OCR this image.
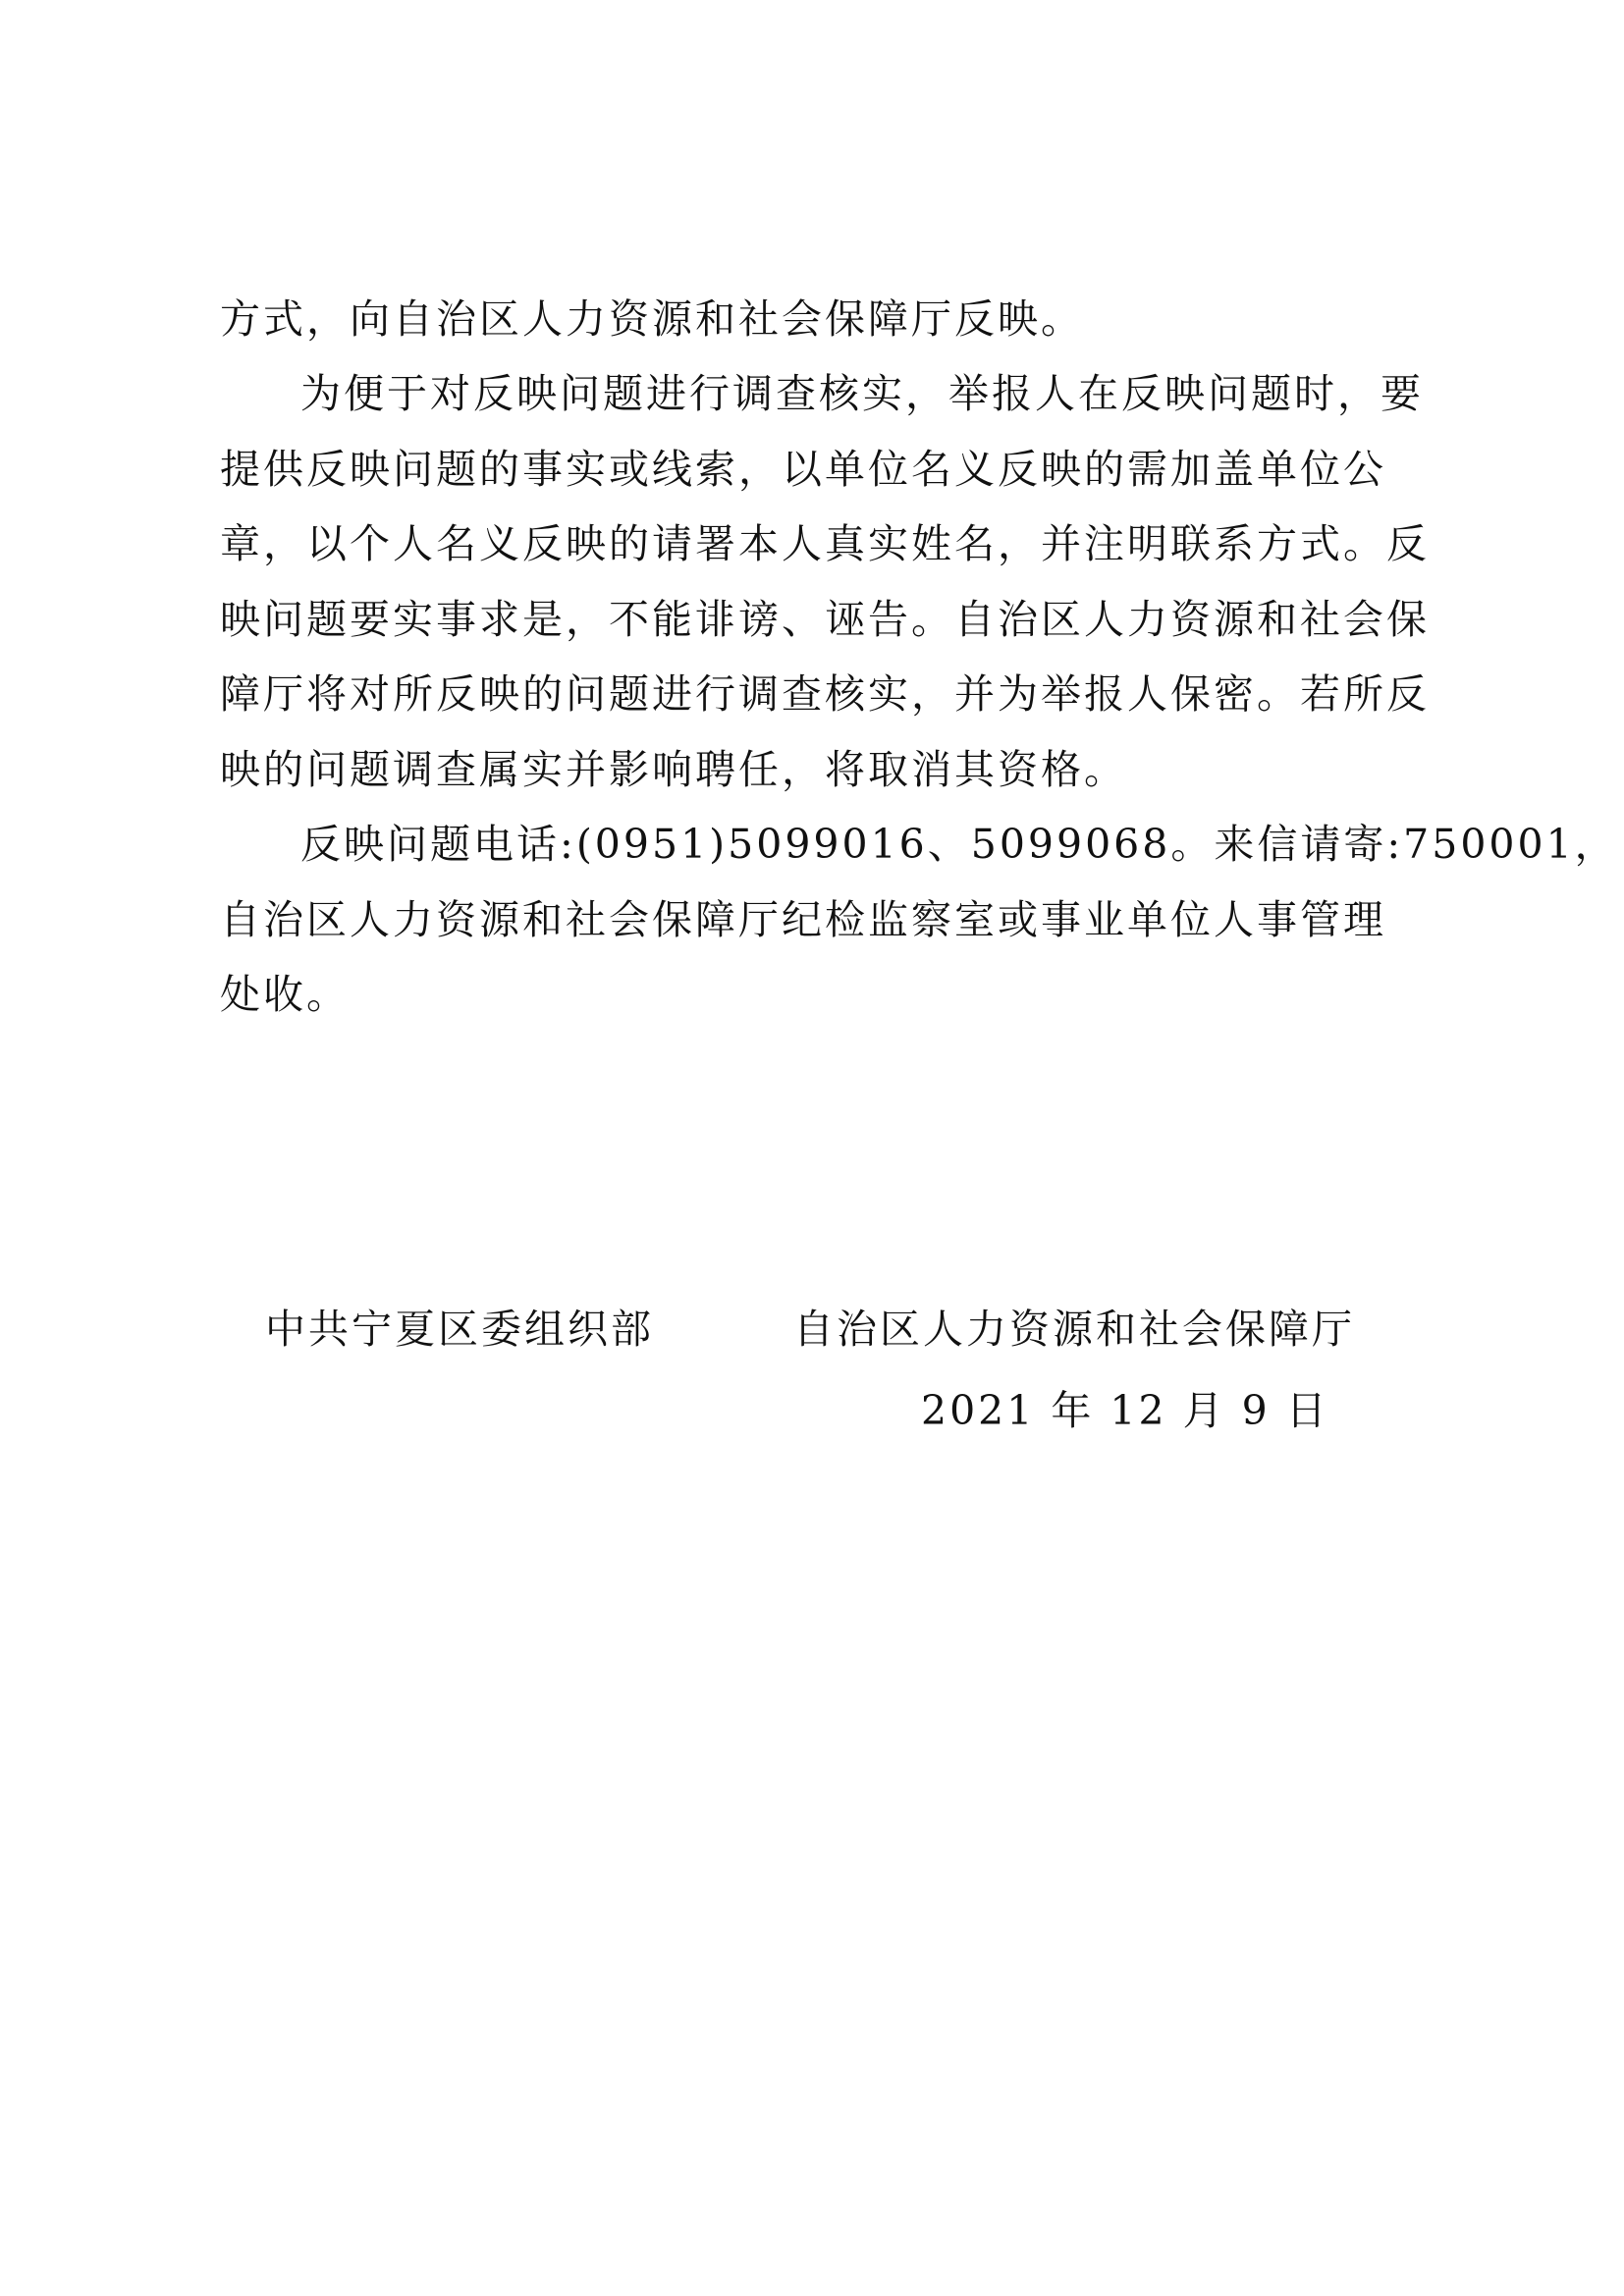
方式，向自治区人力资源和社会保障厅反映。
为便于对反映问题进行调查核实，举报人在反映问题时，要
提供反映问题的事实或线索，以单位名义反映的需加盖单位公
章，以个人名义反映的请署本人真实姓名，并注明联系方式。反
映问题要实事求是，不能诽谤、诬告。自治区人力资源和社会保
障厅将对所反映的问题进行调查核实，并为举报人保密。若所反
映的问题调查属实并影响聘任，将取消其资格。
反映问题电话:(0951)5099016、5099068。来信请寄:750001，
自治区人力资源和社会保障厅纪检监察室或事业单位人事管理
处收。
中共宁夏区委组织部	自治区人力资源和社会保障厅
2021 年 12 月 9 日
